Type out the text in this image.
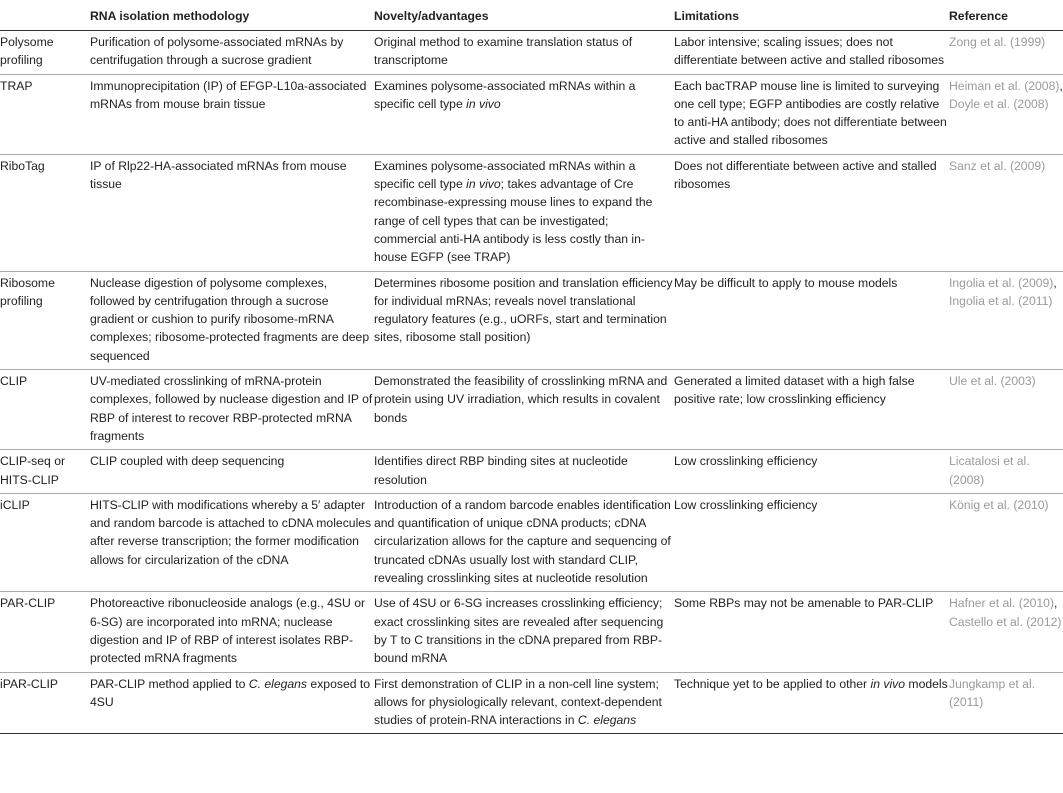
	RNA isolation methodology	Novelty/advantages	Limitations	Reference
Polysome profiling	Purification of polysome-associated mRNAs by centrifugation through a sucrose gradient	Original method to examine translation status of transcriptome	Labor intensive; scaling issues; does not differentiate between active and stalled ribosomes	Zong et al. (1999)
TRAP	Immunoprecipitation (IP) of EFGP-L10a-associated mRNAs from mouse brain tissue	Examines polysome-associated mRNAs within a specific cell type in vivo	Each bacTRAP mouse line is limited to surveying one cell type; EGFP antibodies are costly relative to anti-HA antibody; does not differentiate between active and stalled ribosomes	Heiman et al. (2008),
Doyle et al. (2008)
RiboTag	IP of Rlp22-HA-associated mRNAs from mouse tissue	Examines polysome-associated mRNAs within a specific cell type in vivo; takes advantage of Cre recombinase-expressing mouse lines to expand the range of cell types that can be investigated; commercial anti-HA antibody is less costly than in-house EGFP (see TRAP)	Does not differentiate between active and stalled ribosomes	Sanz et al. (2009)
Ribosome profiling	Nuclease digestion of polysome complexes, followed by centrifugation through a sucrose gradient or cushion to purify ribosome-mRNA complexes; ribosome-protected fragments are deep sequenced	Determines ribosome position and translation efficiency for individual mRNAs; reveals novel translational regulatory features (e.g., uORFs, start and termination sites, ribosome stall position)	May be difficult to apply to mouse models	Ingolia et al. (2009),
Ingolia et al. (2011)
CLIP	UV-mediated crosslinking of mRNA-protein complexes, followed by nuclease digestion and IP of RBP of interest to recover RBP-protected mRNA fragments	Demonstrated the feasibility of crosslinking mRNA and protein using UV irradiation, which results in covalent bonds	Generated a limited dataset with a high false positive rate; low crosslinking efficiency	Ule et al. (2003)
CLIP-seq or HITS-CLIP	CLIP coupled with deep sequencing	Identifies direct RBP binding sites at nucleotide resolution	Low crosslinking efficiency	Licatalosi et al. (2008)
iCLIP	HITS-CLIP with modifications whereby a 5′ adapter and random barcode is attached to cDNA molecules after reverse transcription; the former modification allows for circularization of the cDNA	Introduction of a random barcode enables identification and quantification of unique cDNA products; cDNA circularization allows for the capture and sequencing of truncated cDNAs usually lost with standard CLIP, revealing crosslinking sites at nucleotide resolution	Low crosslinking efficiency	König et al. (2010)
PAR-CLIP	Photoreactive ribonucleoside analogs (e.g., 4SU or 6-SG) are incorporated into mRNA; nuclease digestion and IP of RBP of interest isolates RBP-protected mRNA fragments	Use of 4SU or 6-SG increases crosslinking efficiency; exact crosslinking sites are revealed after sequencing by T to C transitions in the cDNA prepared from RBP-bound mRNA	Some RBPs may not be amenable to PAR-CLIP	Hafner et al. (2010),
Castello et al. (2012)
iPAR-CLIP	PAR-CLIP method applied to C. elegans exposed to 4SU	First demonstration of CLIP in a non-cell line system; allows for physiologically relevant, context-dependent studies of protein-RNA interactions in C. elegans	Technique yet to be applied to other in vivo models	Jungkamp et al. (2011)
